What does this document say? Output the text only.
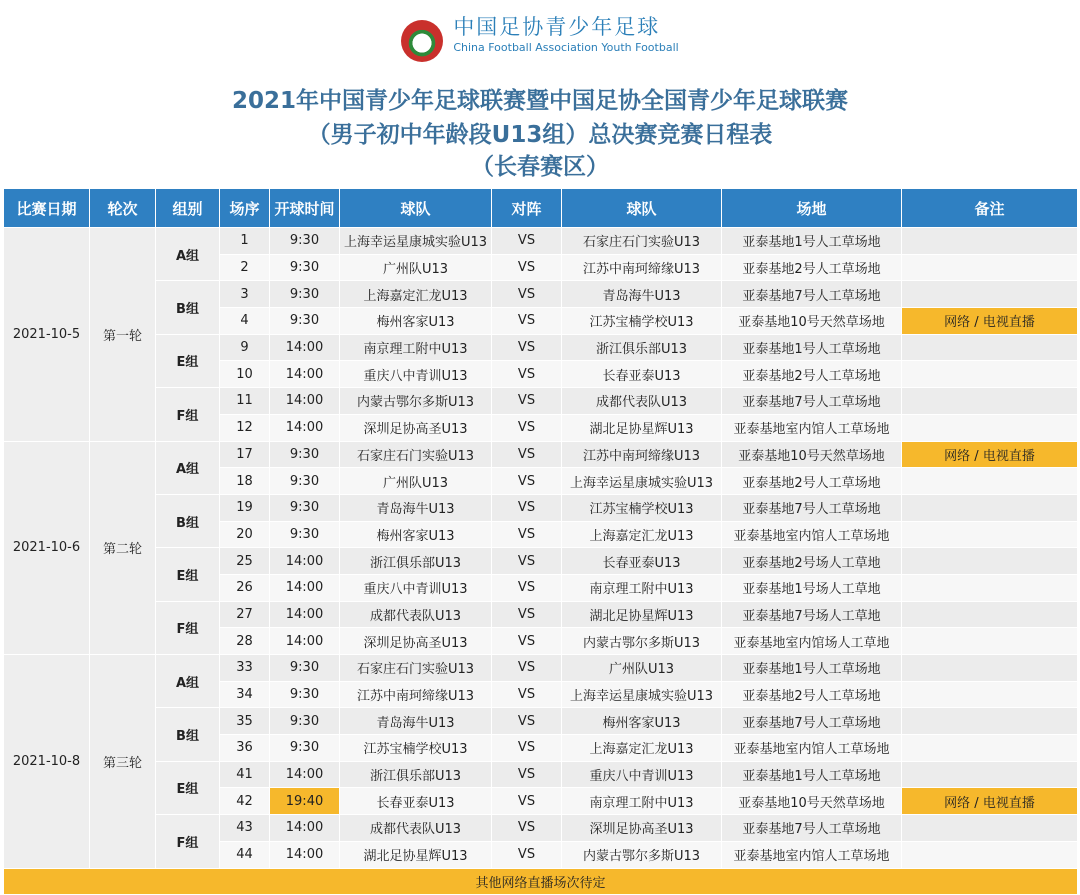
中国足协青少年足球
China Football Association Youth Football
2021年中国青少年足球联赛暨中国足协全国青少年足球联赛
（男子初中年龄段U13组）总决赛竞赛日程表
（长春赛区）
比赛日期	轮次	组别	场序	开球时间	球队	对阵	球队	场地	备注
2021-10-5	第一轮	A组	1	9:30	上海幸运星康城实验U13	VS	石家庄石门实验U13	亚泰基地1号人工草场地	
			2	9:30	广州队U13	VS	江苏中南珂缔缘U13	亚泰基地2号人工草场地	
		B组	3	9:30	上海嘉定汇龙U13	VS	青岛海牛U13	亚泰基地7号人工草场地	
			4	9:30	梅州客家U13	VS	江苏宝楠学校U13	亚泰基地10号天然草场地	网络 / 电视直播
		E组	9	14:00	南京理工附中U13	VS	浙江俱乐部U13	亚泰基地1号人工草场地	
			10	14:00	重庆八中青训U13	VS	长春亚泰U13	亚泰基地2号人工草场地	
		F组	11	14:00	内蒙古鄂尔多斯U13	VS	成都代表队U13	亚泰基地7号人工草场地	
			12	14:00	深圳足协高圣U13	VS	湖北足协星辉U13	亚泰基地室内馆人工草场地	
2021-10-6	第二轮	A组	17	9:30	石家庄石门实验U13	VS	江苏中南珂缔缘U13	亚泰基地10号天然草场地	网络 / 电视直播
			18	9:30	广州队U13	VS	上海幸运星康城实验U13	亚泰基地2号人工草场地	
		B组	19	9:30	青岛海牛U13	VS	江苏宝楠学校U13	亚泰基地7号人工草场地	
			20	9:30	梅州客家U13	VS	上海嘉定汇龙U13	亚泰基地室内馆人工草场地	
		E组	25	14:00	浙江俱乐部U13	VS	长春亚泰U13	亚泰基地2号场人工草地	
			26	14:00	重庆八中青训U13	VS	南京理工附中U13	亚泰基地1号场人工草地	
		F组	27	14:00	成都代表队U13	VS	湖北足协星辉U13	亚泰基地7号场人工草地	
			28	14:00	深圳足协高圣U13	VS	内蒙古鄂尔多斯U13	亚泰基地室内馆场人工草地	
2021-10-8	第三轮	A组	33	9:30	石家庄石门实验U13	VS	广州队U13	亚泰基地1号人工草场地	
			34	9:30	江苏中南珂缔缘U13	VS	上海幸运星康城实验U13	亚泰基地2号人工草场地	
		B组	35	9:30	青岛海牛U13	VS	梅州客家U13	亚泰基地7号人工草场地	
			36	9:30	江苏宝楠学校U13	VS	上海嘉定汇龙U13	亚泰基地室内馆人工草场地	
		E组	41	14:00	浙江俱乐部U13	VS	重庆八中青训U13	亚泰基地1号人工草场地	
			42	19:40	长春亚泰U13	VS	南京理工附中U13	亚泰基地10号天然草场地	网络 / 电视直播
		F组	43	14:00	成都代表队U13	VS	深圳足协高圣U13	亚泰基地7号人工草场地	
			44	14:00	湖北足协星辉U13	VS	内蒙古鄂尔多斯U13	亚泰基地室内馆人工草场地	
其他网络直播场次待定									
